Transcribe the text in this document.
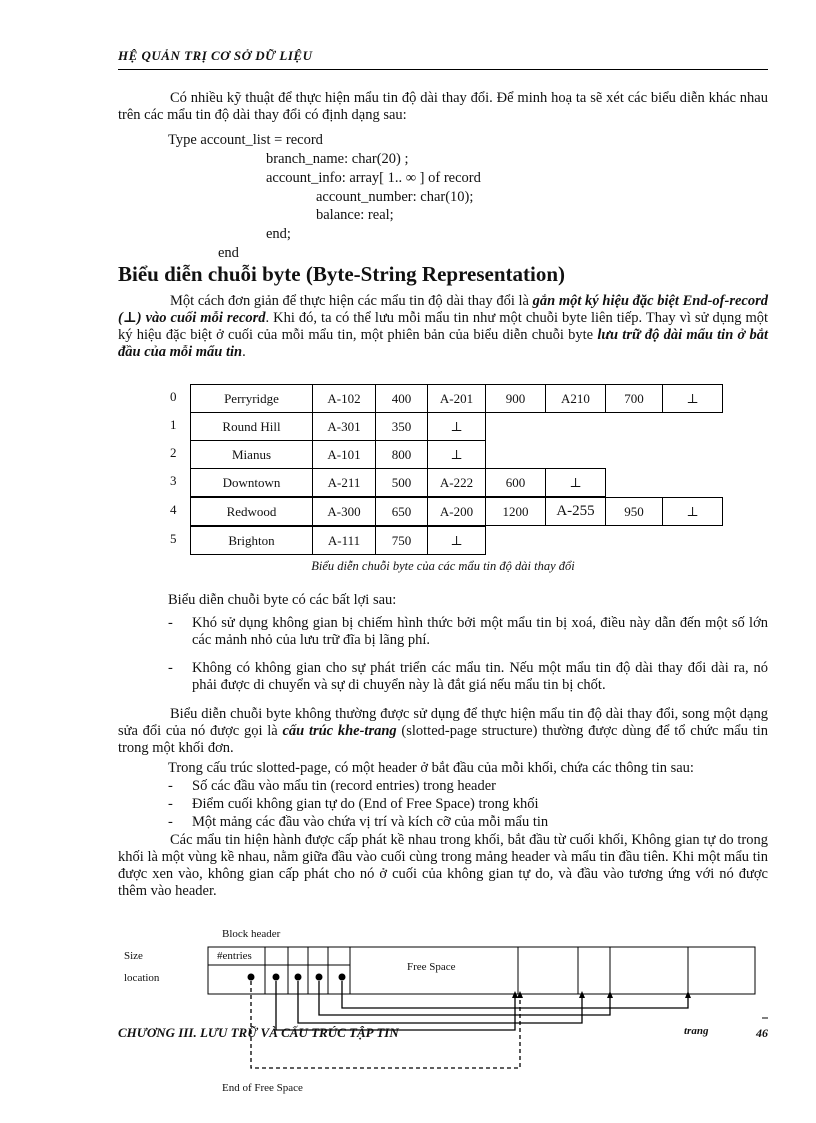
HỆ QUẢN TRỊ CƠ SỞ DỮ LIỆU
Có nhiều kỹ thuật để thực hiện mẩu tin độ dài thay đổi. Để minh hoạ ta sẽ xét các biểu diễn khác nhau trên các mẩu tin độ dài thay đổi có định dạng sau:
Type account_list = record
branch_name: char(20) ;
account_info: array[ 1.. ∞ ] of record
account_number: char(10);
balance: real;
end;
end
Biểu diễn chuỗi byte (Byte-String Representation)
Một cách đơn giản để thực hiện các mẩu tin độ dài thay đổi là gắn một ký hiệu đặc biệt End-of-record (⊥) vào cuối mỗi record. Khi đó, ta có thể lưu mỗi mẩu tin như một chuỗi byte liên tiếp. Thay vì sử dụng một ký hiệu đặc biệt ở cuối của mỗi mẩu tin, một phiên bản của biểu diễn chuỗi byte lưu trữ độ dài mẩu tin ở bắt đầu của mỗi mẩu tin.
0	Perryridge	A-102	400	A-201	900	A210	700	⊥
1	Round Hill	A-301	350	⊥
2	Mianus	A-101	800	⊥
3	Downtown	A-211	500	A-222	600	⊥
4	Redwood	A-300	650	A-200	1200	A-255	950	⊥
5	Brighton	A-111	750	⊥
Biểu diễn chuỗi byte của các mẩu tin độ dài thay đổi
Biểu diễn chuỗi byte có các bất lợi sau:
- Khó sử dụng không gian bị chiếm hình thức bởi một mẩu tin bị xoá, điều này dẫn đến một số lớn các mảnh nhỏ của lưu trữ đĩa bị lãng phí.
- Không có không gian cho sự phát triển các mẩu tin. Nếu một mẩu tin độ dài thay đổi dài ra, nó phải được di chuyển và sự di chuyển này là đắt giá nếu mẩu tin bị chốt.
Biểu diễn chuỗi byte không thường được sử dụng để thực hiện mẩu tin độ dài thay đổi, song một dạng sửa đổi của nó được gọi là cấu trúc khe-trang (slotted-page structure) thường được dùng để tổ chức mẩu tin trong một khối đơn.
Trong cấu trúc slotted-page, có một header ở bắt đầu của mỗi khối, chứa các thông tin sau:
- Số các đầu vào mẩu tin (record entries) trong header
- Điểm cuối không gian tự do (End of Free Space) trong khối
- Một mảng các đầu vào chứa vị trí và kích cỡ của mỗi mẩu tin
Các mẩu tin hiện hành được cấp phát kề nhau trong khối, bắt đầu từ cuối khối, Không gian tự do trong khối là một vùng kề nhau, nằm giữa đầu vào cuối cùng trong mảng header và mẩu tin đầu tiên. Khi một mẩu tin được xen vào, không gian cấp phát cho nó ở cuối của không gian tự do, và đầu vào tương ứng với nó được thêm vào header.
Block header
Size
location
#entries
Free Space
End of Free Space
trang
CHƯƠNG III. LƯU TRỮ VÀ CẤU TRÚC TẬP TIN	46
